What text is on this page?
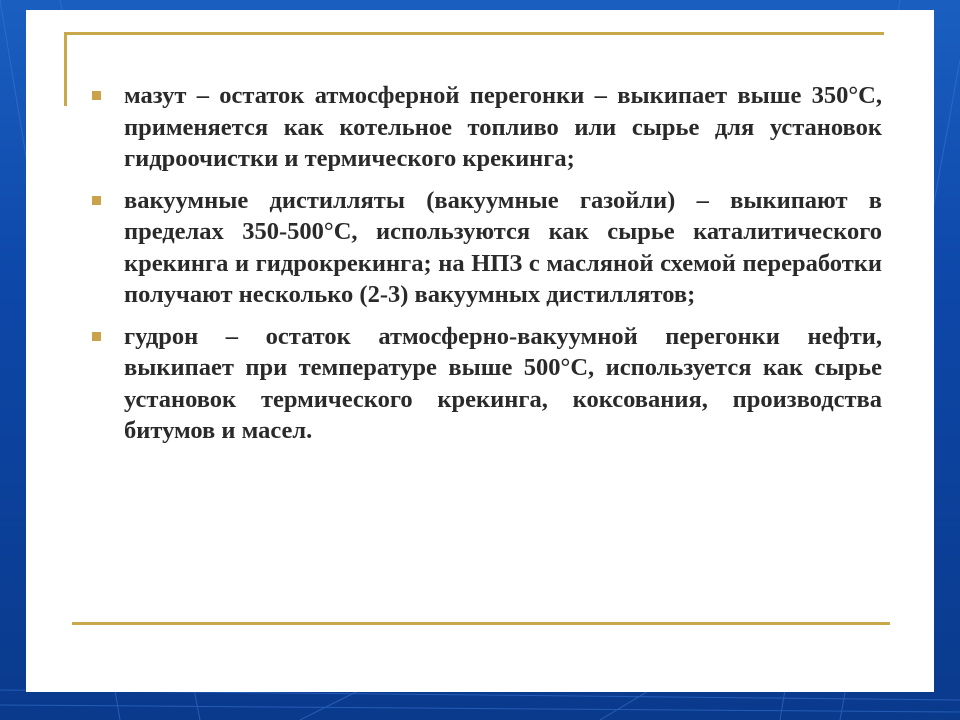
мазут – остаток атмосферной перегонки – выкипает выше 350°С, применяется как котельное топливо или сырье для установок гидроочистки и термического крекинга;
вакуумные дистилляты (вакуумные газойли) – выкипают в пределах 350-500°С, используются как сырье каталитического крекинга и гидрокрекинга; на НПЗ с масляной схемой переработки получают несколько (2-3) вакуумных дистиллятов;
гудрон – остаток атмосферно-вакуумной перегонки нефти, выкипает при температуре выше 500°С, используется как сырье установок термического крекинга, коксования, производства битумов и масел.
